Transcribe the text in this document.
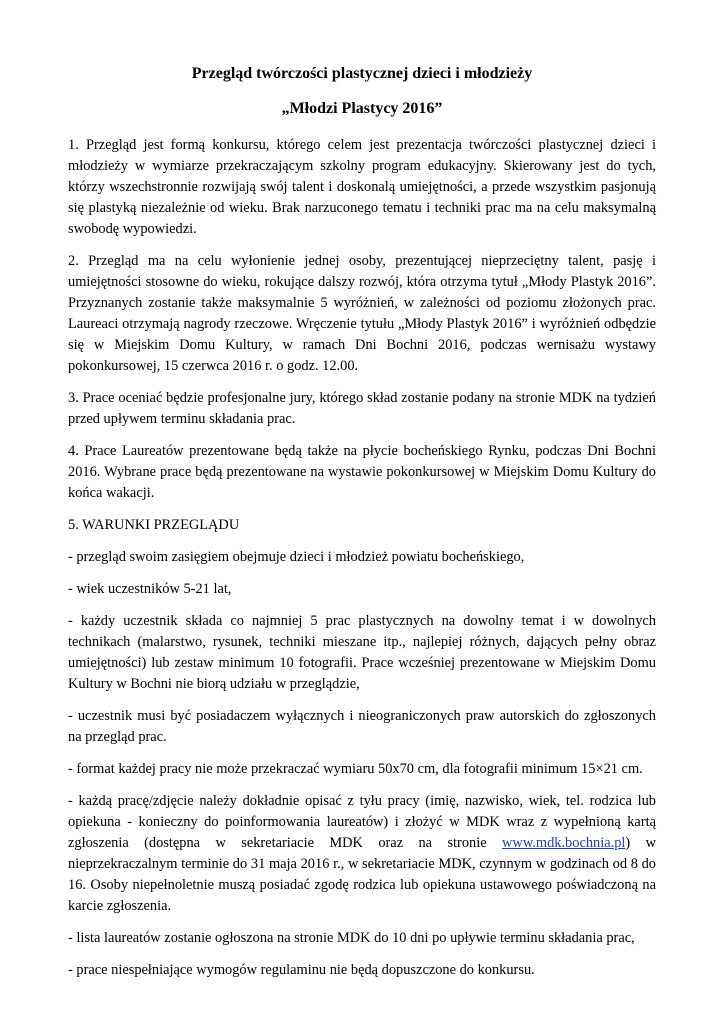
Przegląd twórczości plastycznej dzieci i młodzieży
„Młodzi Plastycy 2016”

1. Przegląd jest formą konkursu, którego celem jest prezentacja twórczości plastycznej dzieci i młodzieży w wymiarze przekraczającym szkolny program edukacyjny. Skierowany jest do tych, którzy wszechstronnie rozwijają swój talent i doskonalą umiejętności, a przede wszystkim pasjonują się plastyką niezależnie od wieku. Brak narzuconego tematu i techniki prac ma na celu maksymalną swobodę wypowiedzi.

2. Przegląd ma na celu wyłonienie jednej osoby, prezentującej nieprzeciętny talent, pasję i umiejętności stosowne do wieku, rokujące dalszy rozwój, która otrzyma tytuł „Młody Plastyk 2016”. Przyznanych zostanie także maksymalnie 5 wyróżnień, w zależności od poziomu złożonych prac. Laureaci otrzymają nagrody rzeczowe. Wręczenie tytułu „Młody Plastyk 2016” i wyróżnień odbędzie się w Miejskim Domu Kultury, w ramach Dni Bochni 2016, podczas wernisażu wystawy pokonkursowej, 15 czerwca 2016 r. o godz. 12.00.

3. Prace oceniać będzie profesjonalne jury, którego skład zostanie podany na stronie MDK na tydzień przed upływem terminu składania prac.

4. Prace Laureatów prezentowane będą także na płycie bocheńskiego Rynku, podczas Dni Bochni 2016. Wybrane prace będą prezentowane na wystawie pokonkursowej w Miejskim Domu Kultury do końca wakacji.

5. WARUNKI PRZEGLĄDU

- przegląd swoim zasięgiem obejmuje dzieci i młodzież powiatu bocheńskiego,

- wiek uczestników 5-21 lat,

- każdy uczestnik składa co najmniej 5 prac plastycznych na dowolny temat i w dowolnych technikach (malarstwo, rysunek, techniki mieszane itp., najlepiej różnych, dających pełny obraz umiejętności) lub zestaw minimum 10 fotografii. Prace wcześniej prezentowane w Miejskim Domu Kultury w Bochni nie biorą udziału w przeglądzie,

- uczestnik musi być posiadaczem wyłącznych i nieograniczonych praw autorskich do zgłoszonych na przegląd prac.

- format każdej pracy nie może przekraczać wymiaru 50x70 cm, dla fotografii minimum 15×21 cm.

- każdą pracę/zdjęcie należy dokładnie opisać z tyłu pracy (imię, nazwisko, wiek, tel. rodzica lub opiekuna - konieczny do poinformowania laureatów) i złożyć w MDK wraz z wypełnioną kartą zgłoszenia (dostępna w sekretariacie MDK oraz na stronie www.mdk.bochnia.pl) w nieprzekraczalnym terminie do 31 maja 2016 r., w sekretariacie MDK, czynnym w godzinach od 8 do 16. Osoby niepełnoletnie muszą posiadać zgodę rodzica lub opiekuna ustawowego poświadczoną na karcie zgłoszenia.

- lista laureatów zostanie ogłoszona na stronie MDK do 10 dni po upływie terminu składania prac,

- prace niespełniające wymogów regulaminu nie będą dopuszczone do konkursu.
